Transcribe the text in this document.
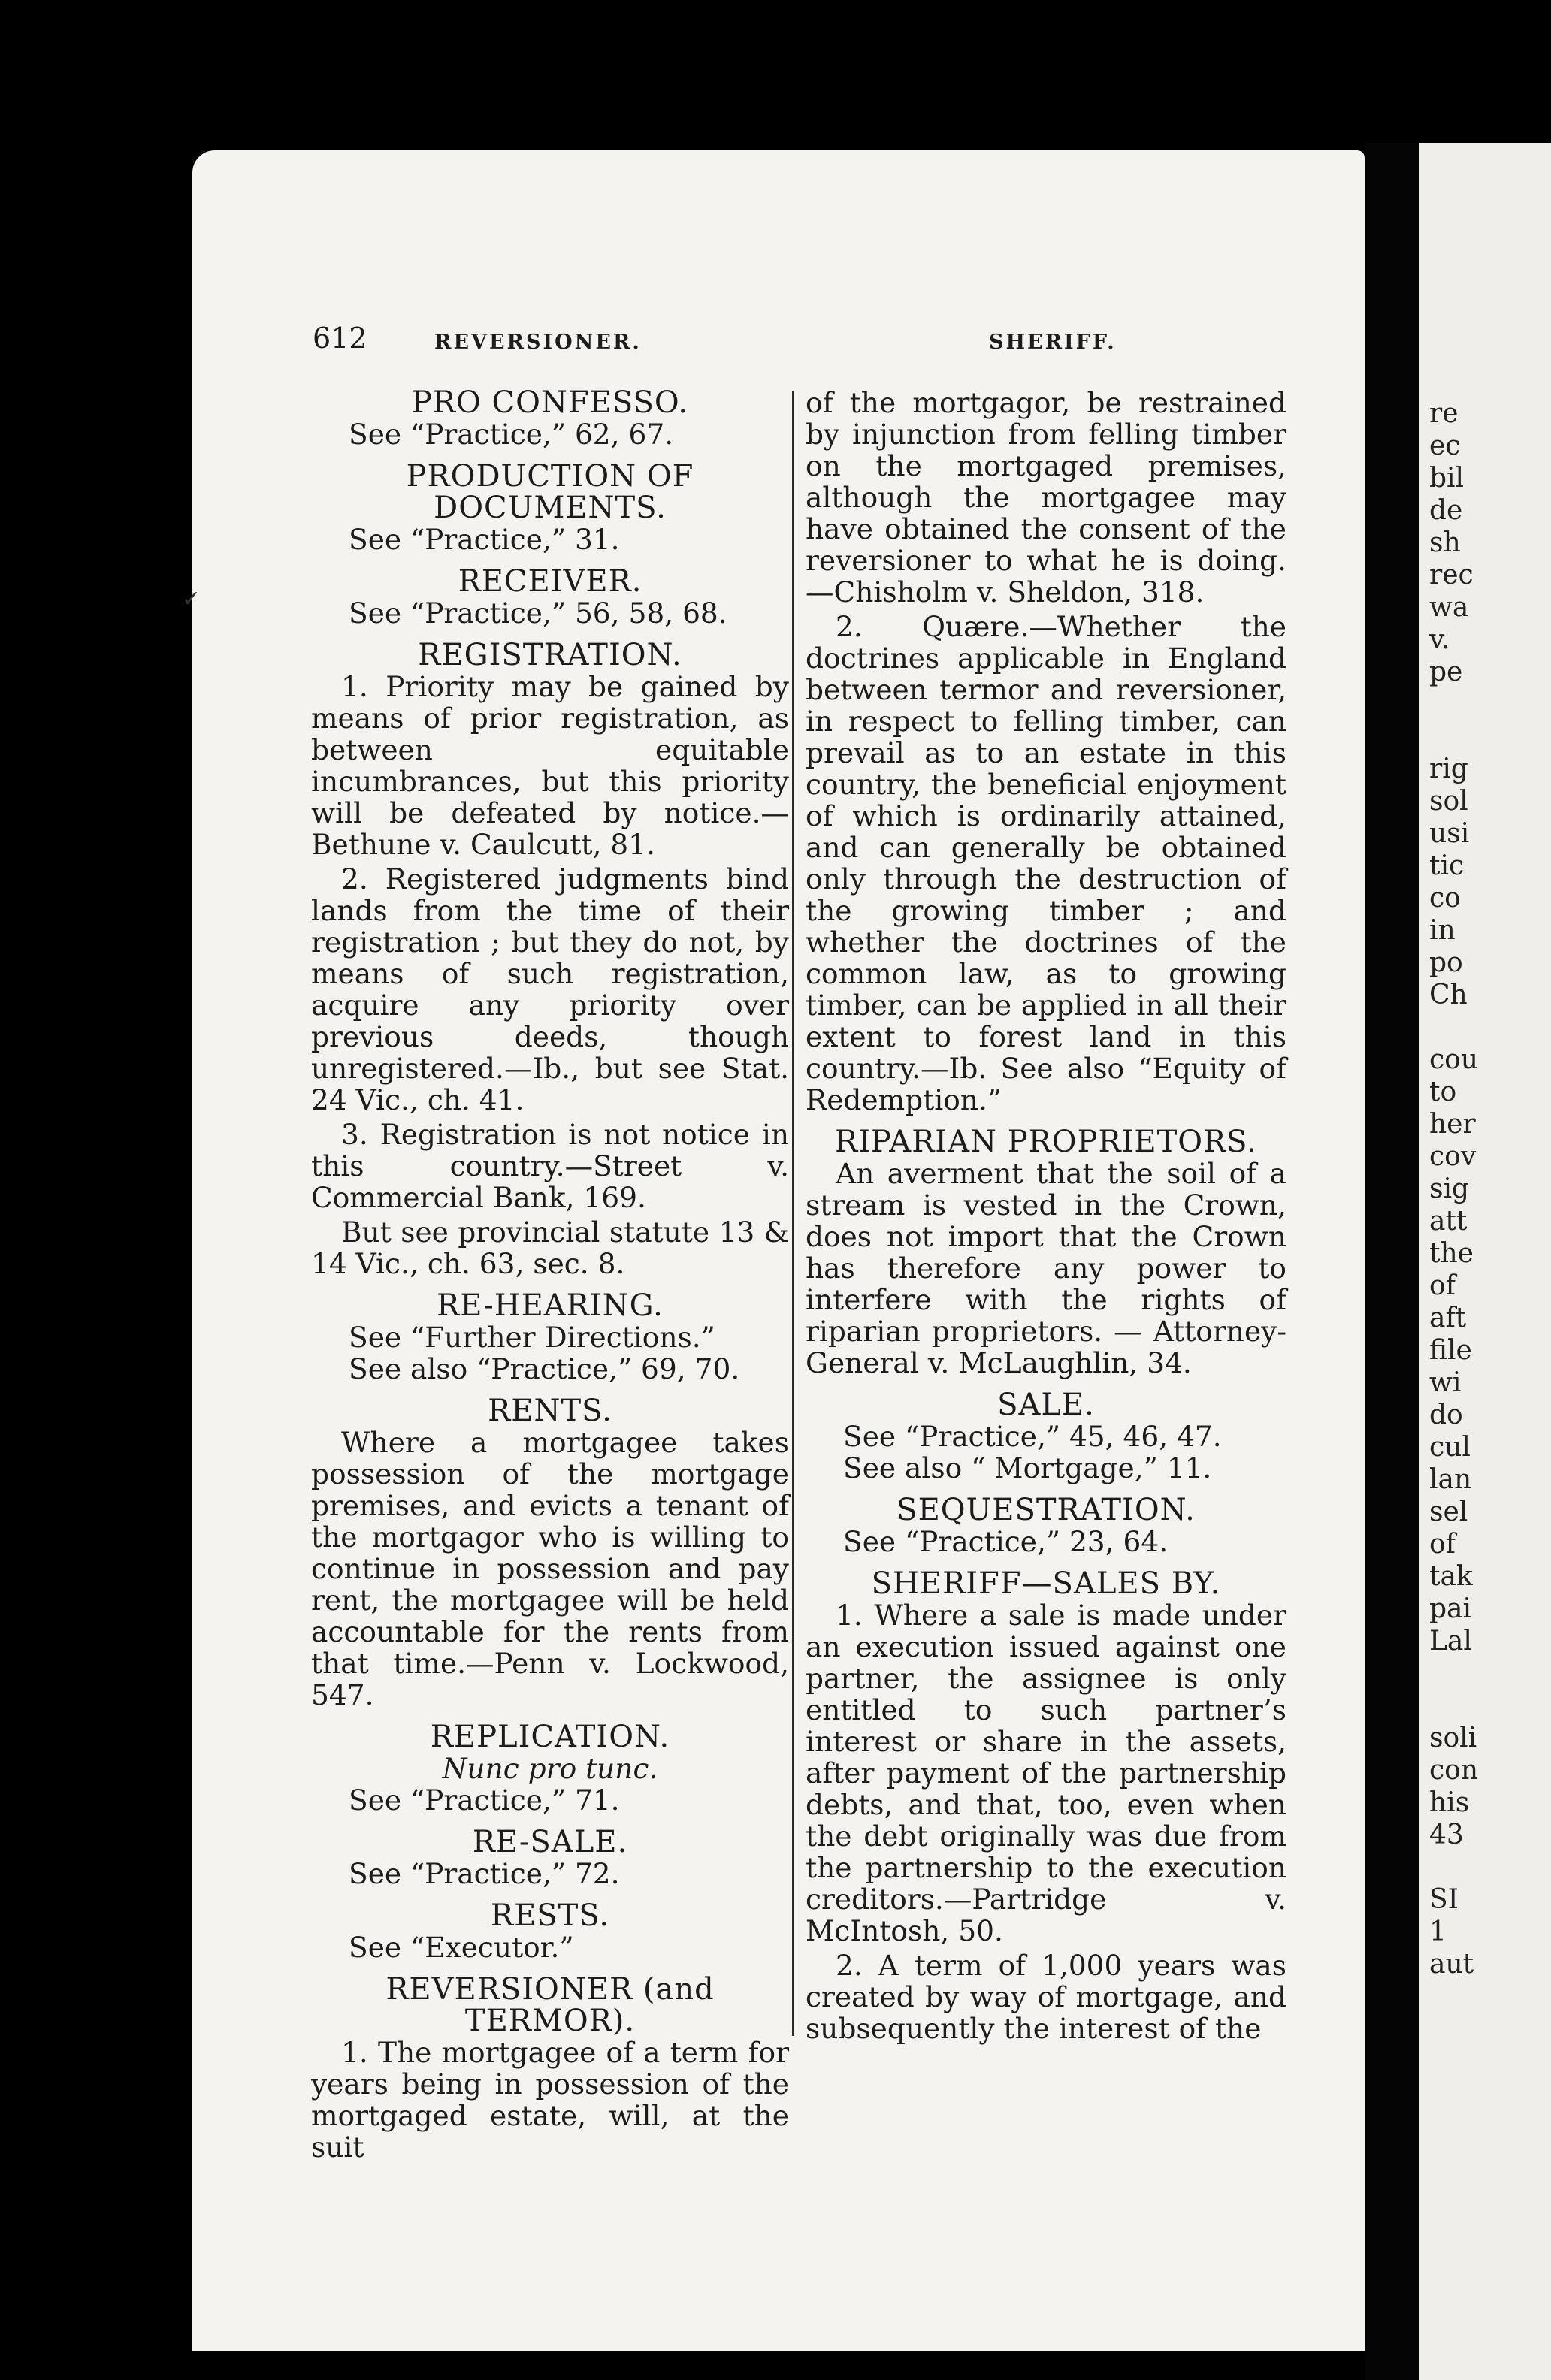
re
ec
bil
de
sh
rec
wa
v.
pe
rig
sol
usi
tic
co
in
po
Ch
cou
to
her
cov
sig
att
the
of
aft
file
wi
do
cul
lan
sel
of
tak
pai
Lal
soli
con
his
43
SI
1
aut
612	REVERSIONER.	SHERIFF.
PRO CONFESSO.
See “Practice,” 62, 67.
PRODUCTION OF DOCUMENTS.
See “Practice,” 31.
RECEIVER.
See “Practice,” 56, 58, 68.
REGISTRATION.

1. Priority may be gained by means of prior registration, as between equitable incumbrances, but this priority will be defeated by notice.—Bethune v. Caulcutt, 81.

2. Registered judgments bind lands from the time of their registration ; but they do not, by means of such registration, acquire any priority over previous deeds, though unregistered.—Ib., but see Stat. 24 Vic., ch. 41.

3. Registration is not notice in this country.—Street v. Commercial Bank, 169.

But see provincial statute 13 & 14 Vic., ch. 63, sec. 8.

RE-HEARING.
See “Further Directions.”
See also “Practice,” 69, 70.
RENTS.

Where a mortgagee takes possession of the mortgage premises, and evicts a tenant of the mortgagor who is willing to continue in possession and pay rent, the mortgagee will be held accountable for the rents from that time.—Penn v. Lockwood, 547.

REPLICATION.
Nunc pro tunc.
See “Practice,” 71.
RE-SALE.
See “Practice,” 72.
RESTS.
See “Executor.”
REVERSIONER (and TERMOR).

1. The mortgagee of a term for years being in possession of the mortgaged estate, will, at the suit

of the mortgagor, be restrained by injunction from felling timber on the mortgaged premises, although the mortgagee may have obtained the consent of the reversioner to what he is doing.—Chisholm v. Sheldon, 318.

2. Quære.—Whether the doctrines applicable in England between termor and reversioner, in respect to felling timber, can prevail as to an estate in this country, the beneficial enjoyment of which is ordinarily attained, and can generally be obtained only through the destruction of the growing timber ; and whether the doctrines of the common law, as to growing timber, can be applied in all their extent to forest land in this country.—Ib. See also “Equity of Redemption.”

RIPARIAN PROPRIETORS.

An averment that the soil of a stream is vested in the Crown, does not import that the Crown has therefore any power to interfere with the rights of riparian proprietors. — Attorney-General v. McLaughlin, 34.

SALE.
See “Practice,” 45, 46, 47.
See also “ Mortgage,” 11.
SEQUESTRATION.
See “Practice,” 23, 64.
SHERIFF—SALES BY.

1. Where a sale is made under an execution issued against one partner, the assignee is only entitled to such partner’s interest or share in the assets, after payment of the partnership debts, and that, too, even when the debt originally was due from the partnership to the execution creditors.—Partridge v. McIntosh, 50.

2. A term of 1,000 years was created by way of mortgage, and subsequently the interest of the

✓
